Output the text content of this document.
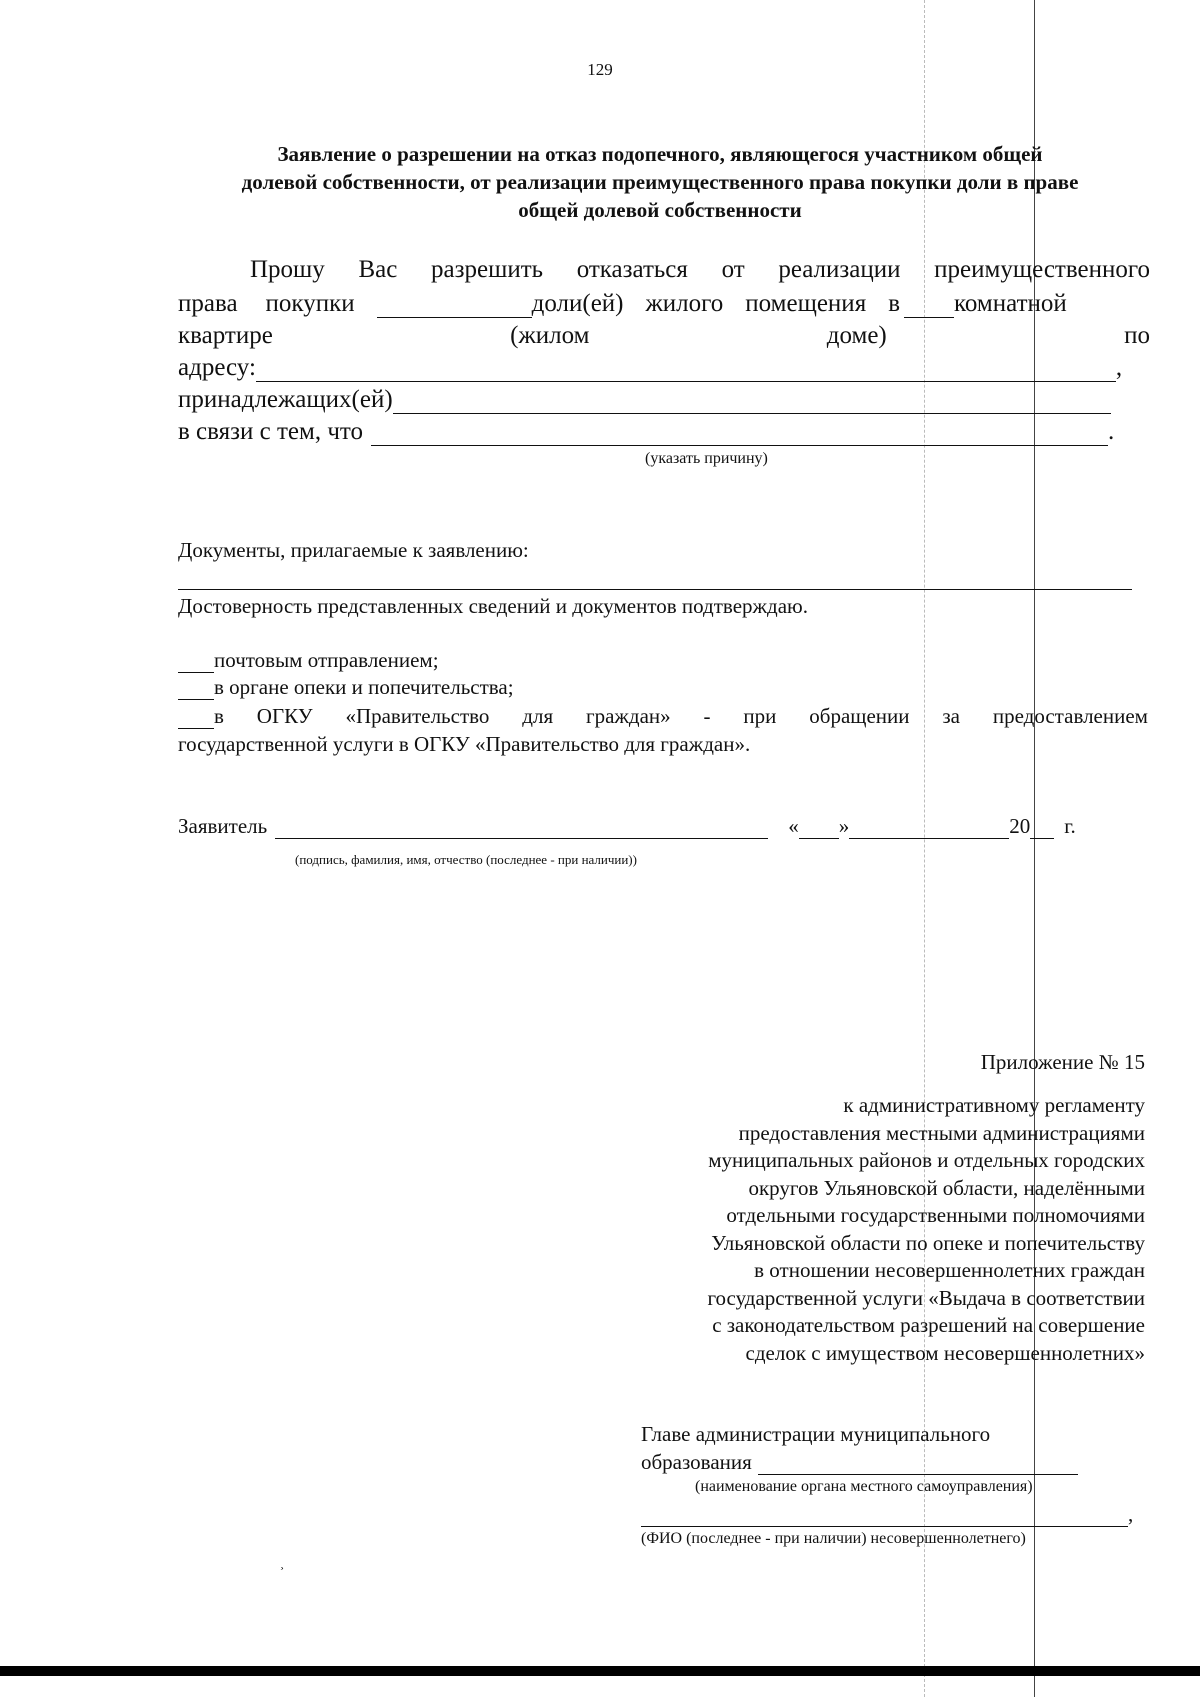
129
Заявление о разрешении на отказ подопечного, являющегося участником общей
долевой собственности, от реализации преимущественного права покупки доли в праве
общей долевой собственности
Прошу Вас разрешить отказаться от реализации преимущественного
права покупки	доли(ей) жилого помещения в комнатной
квартире	(жилом	доме)	по
адресу:	,
принадлежащих(ей)
в связи с тем, что	.
(указать причину)
Документы, прилагаемые к заявлению:
Достоверность представленных сведений и документов подтверждаю.
почтовым отправлением;
в органе опеки и попечительства;
в ОГКУ «Правительство для граждан» - при обращении за предоставлением
государственной услуги в ОГКУ «Правительство для граждан».
Заявитель	« »	20 г.
(подпись, фамилия, имя, отчество (последнее - при наличии))
Приложение № 15
к административному регламенту
предоставления местными администрациями
муниципальных районов и отдельных городских
округов Ульяновской области, наделёнными
отдельными государственными полномочиями
Ульяновской области по опеке и попечительству
в отношении несовершеннолетних граждан
государственной услуги «Выдача в соответствии
с законодательством разрешений на совершение
сделок с имуществом несовершеннолетних»
Главе администрации муниципального
образования
(наименование органа местного самоуправления)
,
(ФИО (последнее - при наличии) несовершеннолетнего)
¸
